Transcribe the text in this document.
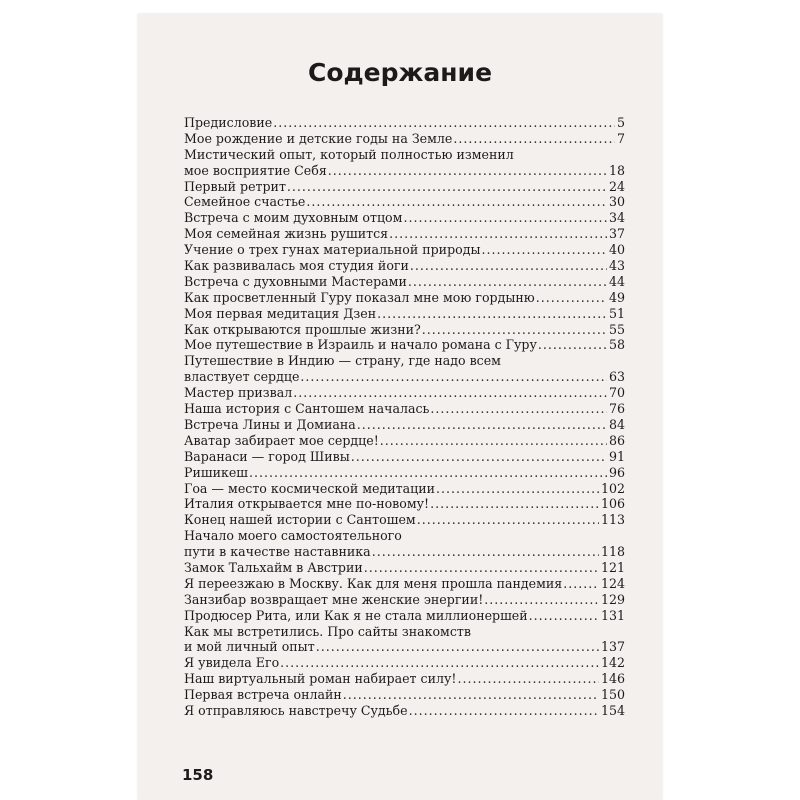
Содержание
Предисловие .....	5
Мое рождение и детские годы на Земле .....	7
Мистический опыт, который полностью изменил
мое восприятие Себя .....	18
Первый ретрит .....	24
Семейное счастье .....	30
Встреча с моим духовным отцом .....	34
Моя семейная жизнь рушится .....	37
Учение о трех гунах материальной природы .....	40
Как развивалась моя студия йоги .....	43
Встреча с духовными Мастерами .....	44
Как просветленный Гуру показал мне мою гордыню .....	49
Моя первая медитация Дзен .....	51
Как открываются прошлые жизни? .....	55
Мое путешествие в Израиль и начало романа с Гуру .....	58
Путешествие в Индию — страну, где надо всем
властвует сердце .....	63
Мастер призвал .....	70
Наша история с Сантошем началась .....	76
Встреча Лины и Домиана .....	84
Аватар забирает мое сердце! .....	86
Варанаси — город Шивы .....	91
Ришикеш .....	96
Гоа — место космической медитации .....	102
Италия открывается мне по-новому! .....	106
Конец нашей истории с Сантошем .....	113
Начало моего самостоятельного
пути в качестве наставника .....	118
Замок Тальхайм в Австрии .....	121
Я переезжаю в Москву. Как для меня прошла пандемия .....	124
Занзибар возвращает мне женские энергии! .....	129
Продюсер Рита, или Как я не стала миллионершей .....	131
Как мы встретились. Про сайты знакомств
и мой личный опыт .....	137
Я увидела Его .....	142
Наш виртуальный роман набирает силу! .....	146
Первая встреча онлайн .....	150
Я отправляюсь навстречу Судьбе .....	154
158
